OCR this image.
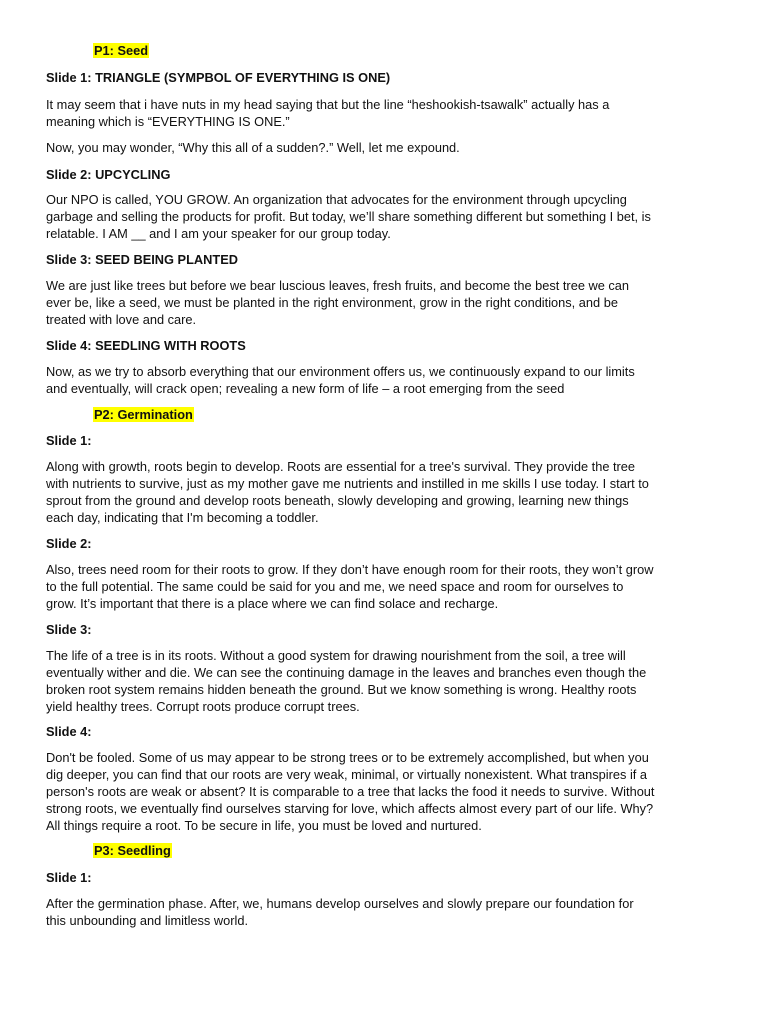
P1: Seed

Slide 1: TRIANGLE (SYMPBOL OF EVERYTHING IS ONE)

It may seem that i have nuts in my head saying that but the line “heshookish-tsawalk” actually has a
meaning which is “EVERYTHING IS ONE.”

Now, you may wonder, “Why this all of a sudden?.” Well, let me expound.

Slide 2: UPCYCLING

Our NPO is called, YOU GROW. An organization that advocates for the environment through upcycling
garbage and selling the products for profit. But today, we’ll share something different but something I bet, is
relatable. I AM __ and I am your speaker for our group today.

Slide 3: SEED BEING PLANTED

We are just like trees but before we bear luscious leaves, fresh fruits, and become the best tree we can
ever be, like a seed, we must be planted in the right environment, grow in the right conditions, and be
treated with love and care.

Slide 4: SEEDLING WITH ROOTS

Now, as we try to absorb everything that our environment offers us, we continuously expand to our limits
and eventually, will crack open; revealing a new form of life – a root emerging from the seed

P2: Germination

Slide 1:

Along with growth, roots begin to develop. Roots are essential for a tree's survival. They provide the tree
with nutrients to survive, just as my mother gave me nutrients and instilled in me skills I use today. I start to
sprout from the ground and develop roots beneath, slowly developing and growing, learning new things
each day, indicating that I'm becoming a toddler.

Slide 2:

Also, trees need room for their roots to grow. If they don’t have enough room for their roots, they won’t grow
to the full potential. The same could be said for you and me, we need space and room for ourselves to
grow. It’s important that there is a place where we can find solace and recharge.

Slide 3:

The life of a tree is in its roots. Without a good system for drawing nourishment from the soil, a tree will
eventually wither and die. We can see the continuing damage in the leaves and branches even though the
broken root system remains hidden beneath the ground. But we know something is wrong. Healthy roots
yield healthy trees. Corrupt roots produce corrupt trees.

Slide 4:

Don't be fooled. Some of us may appear to be strong trees or to be extremely accomplished, but when you
dig deeper, you can find that our roots are very weak, minimal, or virtually nonexistent. What transpires if a
person's roots are weak or absent? It is comparable to a tree that lacks the food it needs to survive. Without
strong roots, we eventually find ourselves starving for love, which affects almost every part of our life. Why?
All things require a root. To be secure in life, you must be loved and nurtured.

P3: Seedling

Slide 1:

After the germination phase. After, we, humans develop ourselves and slowly prepare our foundation for
this unbounding and limitless world.
